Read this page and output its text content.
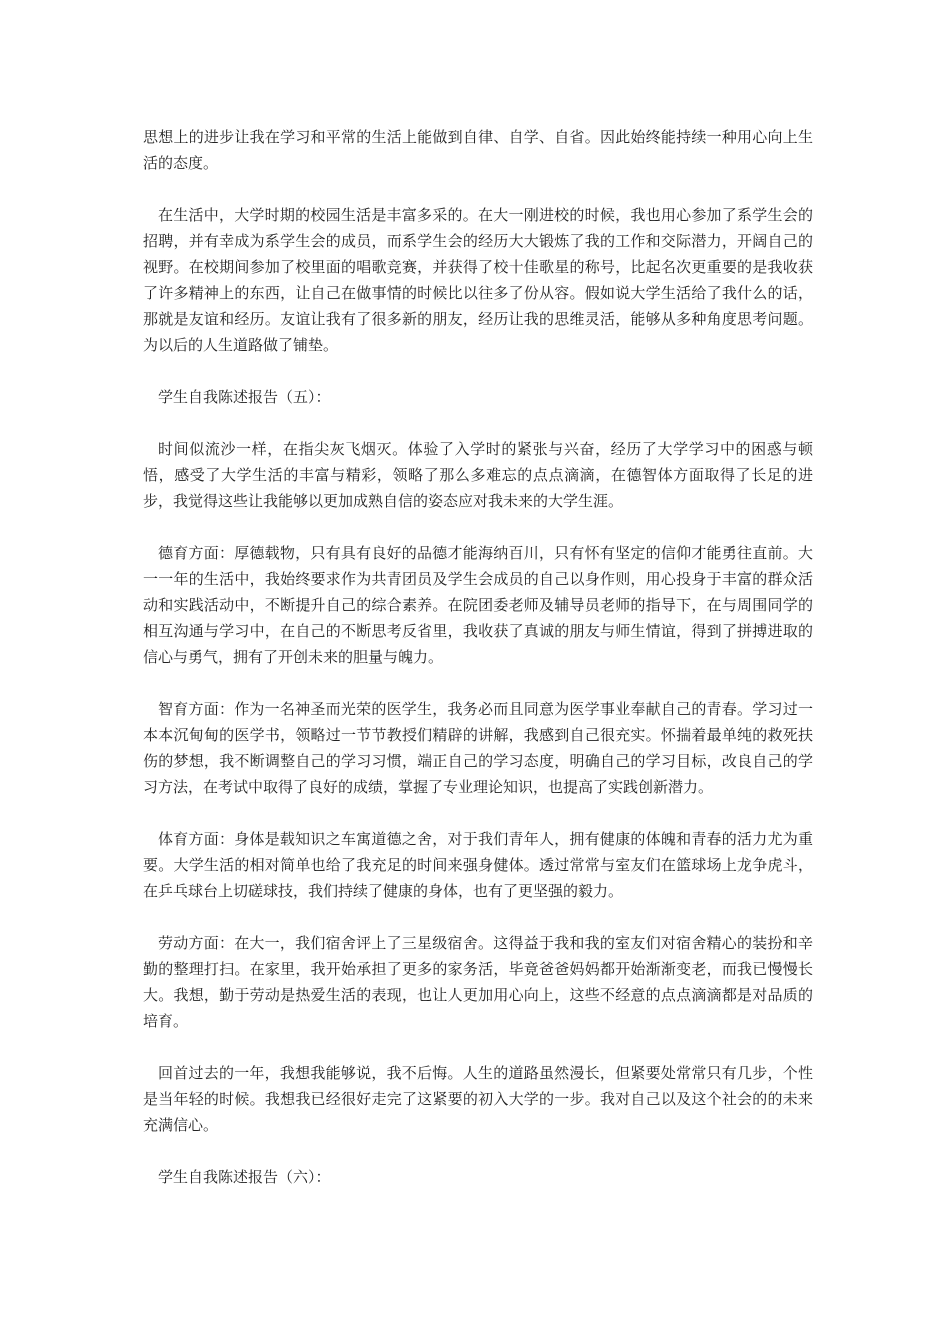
思想上的进步让我在学习和平常的生活上能做到自律、自学、自省。因此始终能持续一种用心向上生活的态度。

在生活中，大学时期的校园生活是丰富多采的。在大一刚进校的时候，我也用心参加了系学生会的招聘，并有幸成为系学生会的成员，而系学生会的经历大大锻炼了我的工作和交际潜力，开阔自己的视野。在校期间参加了校里面的唱歌竞赛，并获得了校十佳歌星的称号，比起名次更重要的是我收获了许多精神上的东西，让自己在做事情的时候比以往多了份从容。假如说大学生活给了我什么的话，那就是友谊和经历。友谊让我有了很多新的朋友，经历让我的思维灵活，能够从多种角度思考问题。为以后的人生道路做了铺垫。

学生自我陈述报告（五）：

时间似流沙一样，在指尖灰飞烟灭。体验了入学时的紧张与兴奋，经历了大学学习中的困惑与顿悟，感受了大学生活的丰富与精彩，领略了那么多难忘的点点滴滴，在德智体方面取得了长足的进步，我觉得这些让我能够以更加成熟自信的姿态应对我未来的大学生涯。

德育方面：厚德载物，只有具有良好的品德才能海纳百川，只有怀有坚定的信仰才能勇往直前。大一一年的生活中，我始终要求作为共青团员及学生会成员的自己以身作则，用心投身于丰富的群众活动和实践活动中，不断提升自己的综合素养。在院团委老师及辅导员老师的指导下，在与周围同学的相互沟通与学习中，在自己的不断思考反省里，我收获了真诚的朋友与师生情谊，得到了拼搏进取的信心与勇气，拥有了开创未来的胆量与魄力。

智育方面：作为一名神圣而光荣的医学生，我务必而且同意为医学事业奉献自己的青春。学习过一本本沉甸甸的医学书，领略过一节节教授们精辟的讲解，我感到自己很充实。怀揣着最单纯的救死扶伤的梦想，我不断调整自己的学习习惯，端正自己的学习态度，明确自己的学习目标，改良自己的学习方法，在考试中取得了良好的成绩，掌握了专业理论知识，也提高了实践创新潜力。

体育方面：身体是载知识之车寓道德之舍，对于我们青年人，拥有健康的体魄和青春的活力尤为重要。大学生活的相对简单也给了我充足的时间来强身健体。透过常常与室友们在篮球场上龙争虎斗，在乒乓球台上切磋球技，我们持续了健康的身体，也有了更坚强的毅力。

劳动方面：在大一，我们宿舍评上了三星级宿舍。这得益于我和我的室友们对宿舍精心的装扮和辛勤的整理打扫。在家里，我开始承担了更多的家务活，毕竟爸爸妈妈都开始渐渐变老，而我已慢慢长大。我想，勤于劳动是热爱生活的表现，也让人更加用心向上，这些不经意的点点滴滴都是对品质的培育。

回首过去的一年，我想我能够说，我不后悔。人生的道路虽然漫长，但紧要处常常只有几步，个性是当年轻的时候。我想我已经很好走完了这紧要的初入大学的一步。我对自己以及这个社会的的未来充满信心。

学生自我陈述报告（六）：
